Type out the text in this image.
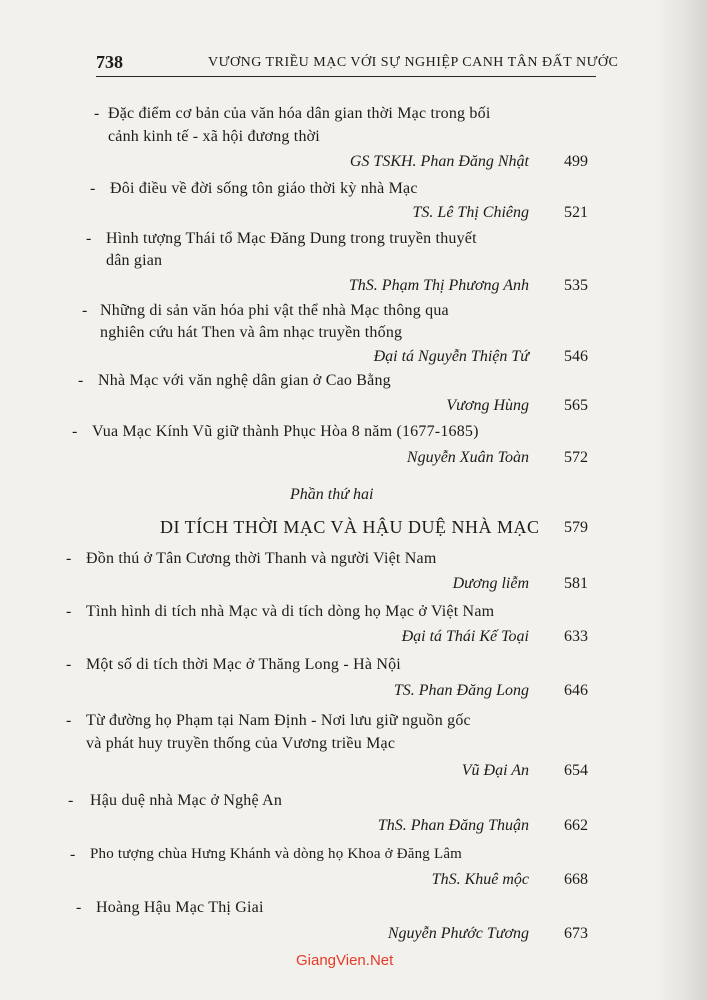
738	VƯƠNG TRIỀU MẠC VỚI SỰ NGHIỆP CANH TÂN ĐẤT NƯỚC
- Đặc điểm cơ bản của văn hóa dân gian thời Mạc trong bối
cảnh kinh tế - xã hội đương thời
GS TSKH. Phan Đăng Nhật 499
- Đôi điều về đời sống tôn giáo thời kỳ nhà Mạc
TS. Lê Thị Chiêng 521
- Hình tượng Thái tổ Mạc Đăng Dung trong truyền thuyết
dân gian
ThS. Phạm Thị Phương Anh 535
- Những di sản văn hóa phi vật thể nhà Mạc thông qua
nghiên cứu hát Then và âm nhạc truyền thống
Đại tá Nguyễn Thiện Tứ 546
- Nhà Mạc với văn nghệ dân gian ở Cao Bằng
Vương Hùng 565
- Vua Mạc Kính Vũ giữ thành Phục Hòa 8 năm (1677-1685)
Nguyễn Xuân Toàn 572
Phần thứ hai
DI TÍCH THỜI MẠC VÀ HẬU DUỆ NHÀ MẠC 579
- Đồn thú ở Tân Cương thời Thanh và người Việt Nam
Dương liễm 581
- Tình hình di tích nhà Mạc và di tích dòng họ Mạc ở Việt Nam
Đại tá Thái Kế Toại 633
- Một số di tích thời Mạc ở Thăng Long - Hà Nội
TS. Phan Đăng Long 646
- Từ đường họ Phạm tại Nam Định - Nơi lưu giữ nguồn gốc
và phát huy truyền thống của Vương triều Mạc
Vũ Đại An 654
- Hậu duệ nhà Mạc ở Nghệ An
ThS. Phan Đăng Thuận 662
- Pho tượng chùa Hưng Khánh và dòng họ Khoa ở Đăng Lâm
ThS. Khuê mộc 668
- Hoàng Hậu Mạc Thị Giai
Nguyễn Phước Tương 673
GiangVien.Net
